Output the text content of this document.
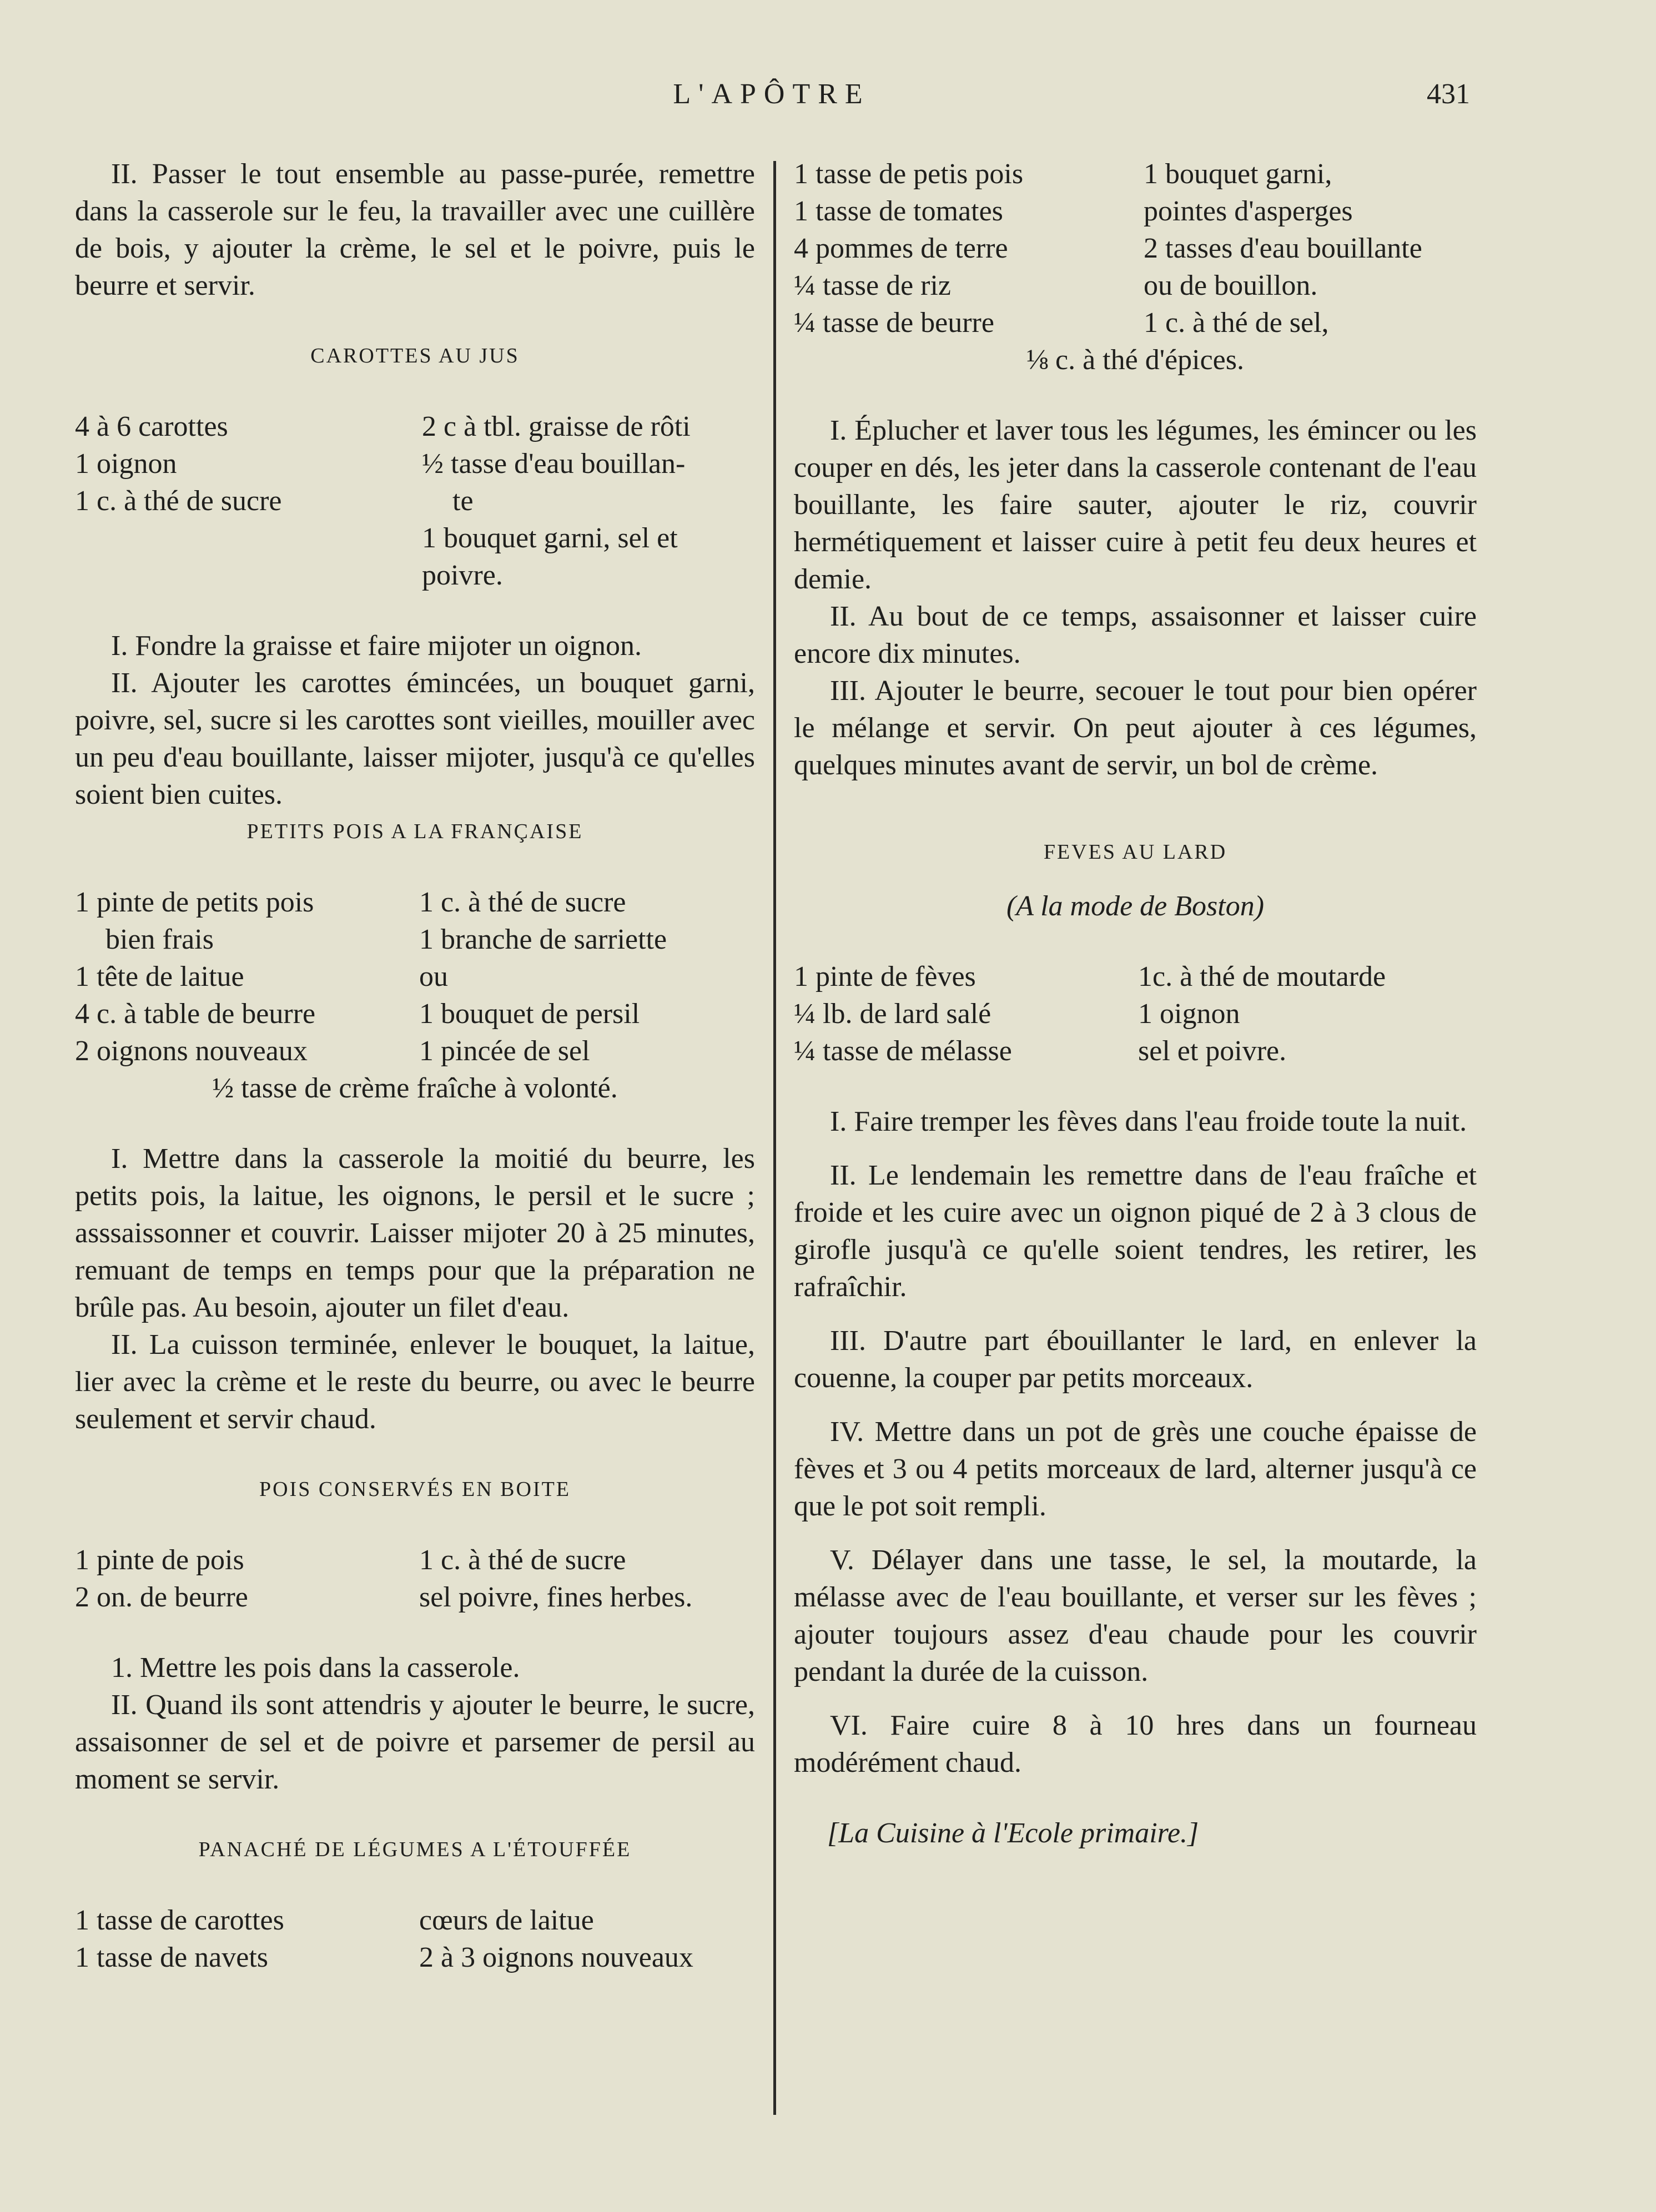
L'APÔTRE	431

II. Passer le tout ensemble au passe-purée, remettre dans la casserole sur le feu, la travailler avec une cuillère de bois, y ajouter la crème, le sel et le poivre, puis le beurre et servir.

CAROTTES AU JUS

4 à 6 carottes
1 oignon
1 c. à thé de sucre
2 c à tbl. graisse de rôti
½ tasse d'eau bouillan-
te
1 bouquet garni, sel et
poivre.

I. Fondre la graisse et faire mijoter un oignon.

II. Ajouter les carottes émincées, un bouquet garni, poivre, sel, sucre si les carottes sont vieilles, mouiller avec un peu d'eau bouillante, laisser mijoter, jusqu'à ce qu'elles soient bien cuites.

PETITS POIS A LA FRANÇAISE

1 pinte de petits pois
bien frais
1 tête de laitue
4 c. à table de beurre
2 oignons nouveaux
1 c. à thé de sucre
1 branche de sarriette
ou
1 bouquet de persil
1 pincée de sel
½ tasse de crème fraîche à volonté.

I. Mettre dans la casserole la moitié du beurre, les petits pois, la laitue, les oignons, le persil et le sucre ; asssaissonner et couvrir. Laisser mijoter 20 à 25 minutes, remuant de temps en temps pour que la préparation ne brûle pas. Au besoin, ajouter un filet d'eau.

II. La cuisson terminée, enlever le bouquet, la laitue, lier avec la crème et le reste du beurre, ou avec le beurre seulement et servir chaud.

POIS CONSERVÉS EN BOITE

1 pinte de pois
2 on. de beurre
1 c. à thé de sucre
sel poivre, fines herbes.

1. Mettre les pois dans la casserole.

II. Quand ils sont attendris y ajouter le beurre, le sucre, assaisonner de sel et de poivre et parsemer de persil au moment se servir.

PANACHÉ DE LÉGUMES A L'ÉTOUFFÉE

1 tasse de carottes
1 tasse de navets
cœurs de laitue
2 à 3 oignons nouveaux
1 tasse de petis pois
1 tasse de tomates
4 pommes de terre
¼ tasse de riz
¼ tasse de beurre
1 bouquet garni,
pointes d'asperges
2 tasses d'eau bouillante
ou de bouillon.
1 c. à thé de sel,
⅛ c. à thé d'épices.

I. Éplucher et laver tous les légumes, les émincer ou les couper en dés, les jeter dans la casserole contenant de l'eau bouillante, les faire sauter, ajouter le riz, couvrir hermétiquement et laisser cuire à petit feu deux heures et demie.

II. Au bout de ce temps, assaisonner et laisser cuire encore dix minutes.

III. Ajouter le beurre, secouer le tout pour bien opérer le mélange et servir. On peut ajouter à ces légumes, quelques minutes avant de servir, un bol de crème.

FEVES AU LARD

(A la mode de Boston)

1 pinte de fèves
¼ lb. de lard salé
¼ tasse de mélasse
1c. à thé de moutarde
1 oignon
sel et poivre.

I. Faire tremper les fèves dans l'eau froide toute la nuit.

II. Le lendemain les remettre dans de l'eau fraîche et froide et les cuire avec un oignon piqué de 2 à 3 clous de girofle jusqu'à ce qu'elle soient tendres, les retirer, les rafraîchir.

III. D'autre part ébouillanter le lard, en enlever la couenne, la couper par petits morceaux.

IV. Mettre dans un pot de grès une couche épaisse de fèves et 3 ou 4 petits morceaux de lard, alterner jusqu'à ce que le pot soit rempli.

V. Délayer dans une tasse, le sel, la moutarde, la mélasse avec de l'eau bouillante, et verser sur les fèves ; ajouter toujours assez d'eau chaude pour les couvrir pendant la durée de la cuisson.

VI. Faire cuire 8 à 10 hres dans un fourneau modérément chaud.

[La Cuisine à l'Ecole primaire.]
